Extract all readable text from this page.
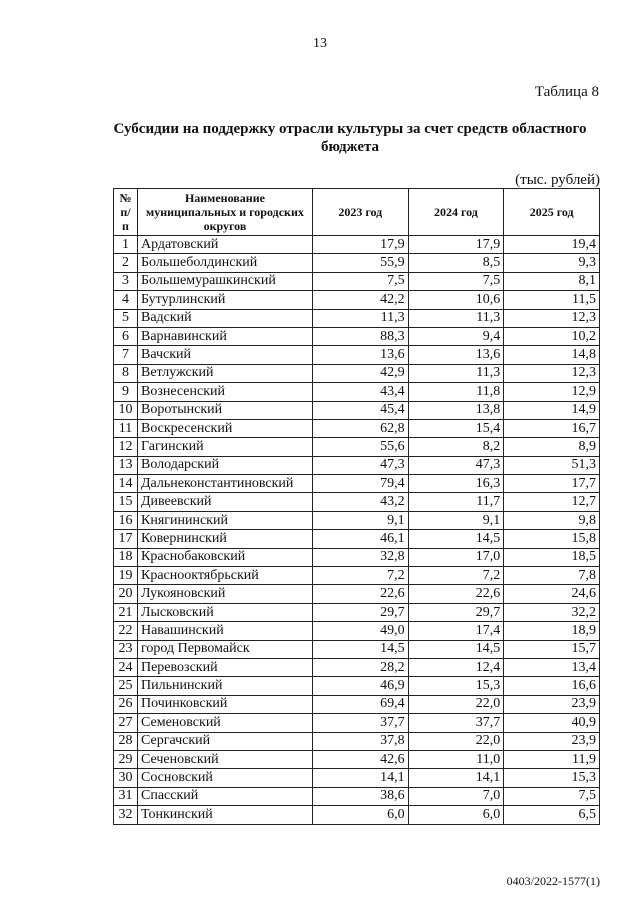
13
Таблица 8
Субсидии на поддержку отрасли культуры за счет средств областного бюджета
(тыс. рублей)
№ п/п	Наименование муниципальных и городских округов	2023 год	2024 год	2025 год
1	Ардатовский	17,9	17,9	19,4
2	Большеболдинский	55,9	8,5	9,3
3	Большемурашкинский	7,5	7,5	8,1
4	Бутурлинский	42,2	10,6	11,5
5	Вадский	11,3	11,3	12,3
6	Варнавинский	88,3	9,4	10,2
7	Вачский	13,6	13,6	14,8
8	Ветлужский	42,9	11,3	12,3
9	Вознесенский	43,4	11,8	12,9
10	Воротынский	45,4	13,8	14,9
11	Воскресенский	62,8	15,4	16,7
12	Гагинский	55,6	8,2	8,9
13	Володарский	47,3	47,3	51,3
14	Дальнеконстантиновский	79,4	16,3	17,7
15	Дивеевский	43,2	11,7	12,7
16	Княгининский	9,1	9,1	9,8
17	Ковернинский	46,1	14,5	15,8
18	Краснобаковский	32,8	17,0	18,5
19	Краснооктябрьский	7,2	7,2	7,8
20	Лукояновский	22,6	22,6	24,6
21	Лысковский	29,7	29,7	32,2
22	Навашинский	49,0	17,4	18,9
23	город Первомайск	14,5	14,5	15,7
24	Перевозский	28,2	12,4	13,4
25	Пильнинский	46,9	15,3	16,6
26	Починковский	69,4	22,0	23,9
27	Семеновский	37,7	37,7	40,9
28	Сергачский	37,8	22,0	23,9
29	Сеченовский	42,6	11,0	11,9
30	Сосновский	14,1	14,1	15,3
31	Спасский	38,6	7,0	7,5
32	Тонкинский	6,0	6,0	6,5
0403/2022-1577(1)
